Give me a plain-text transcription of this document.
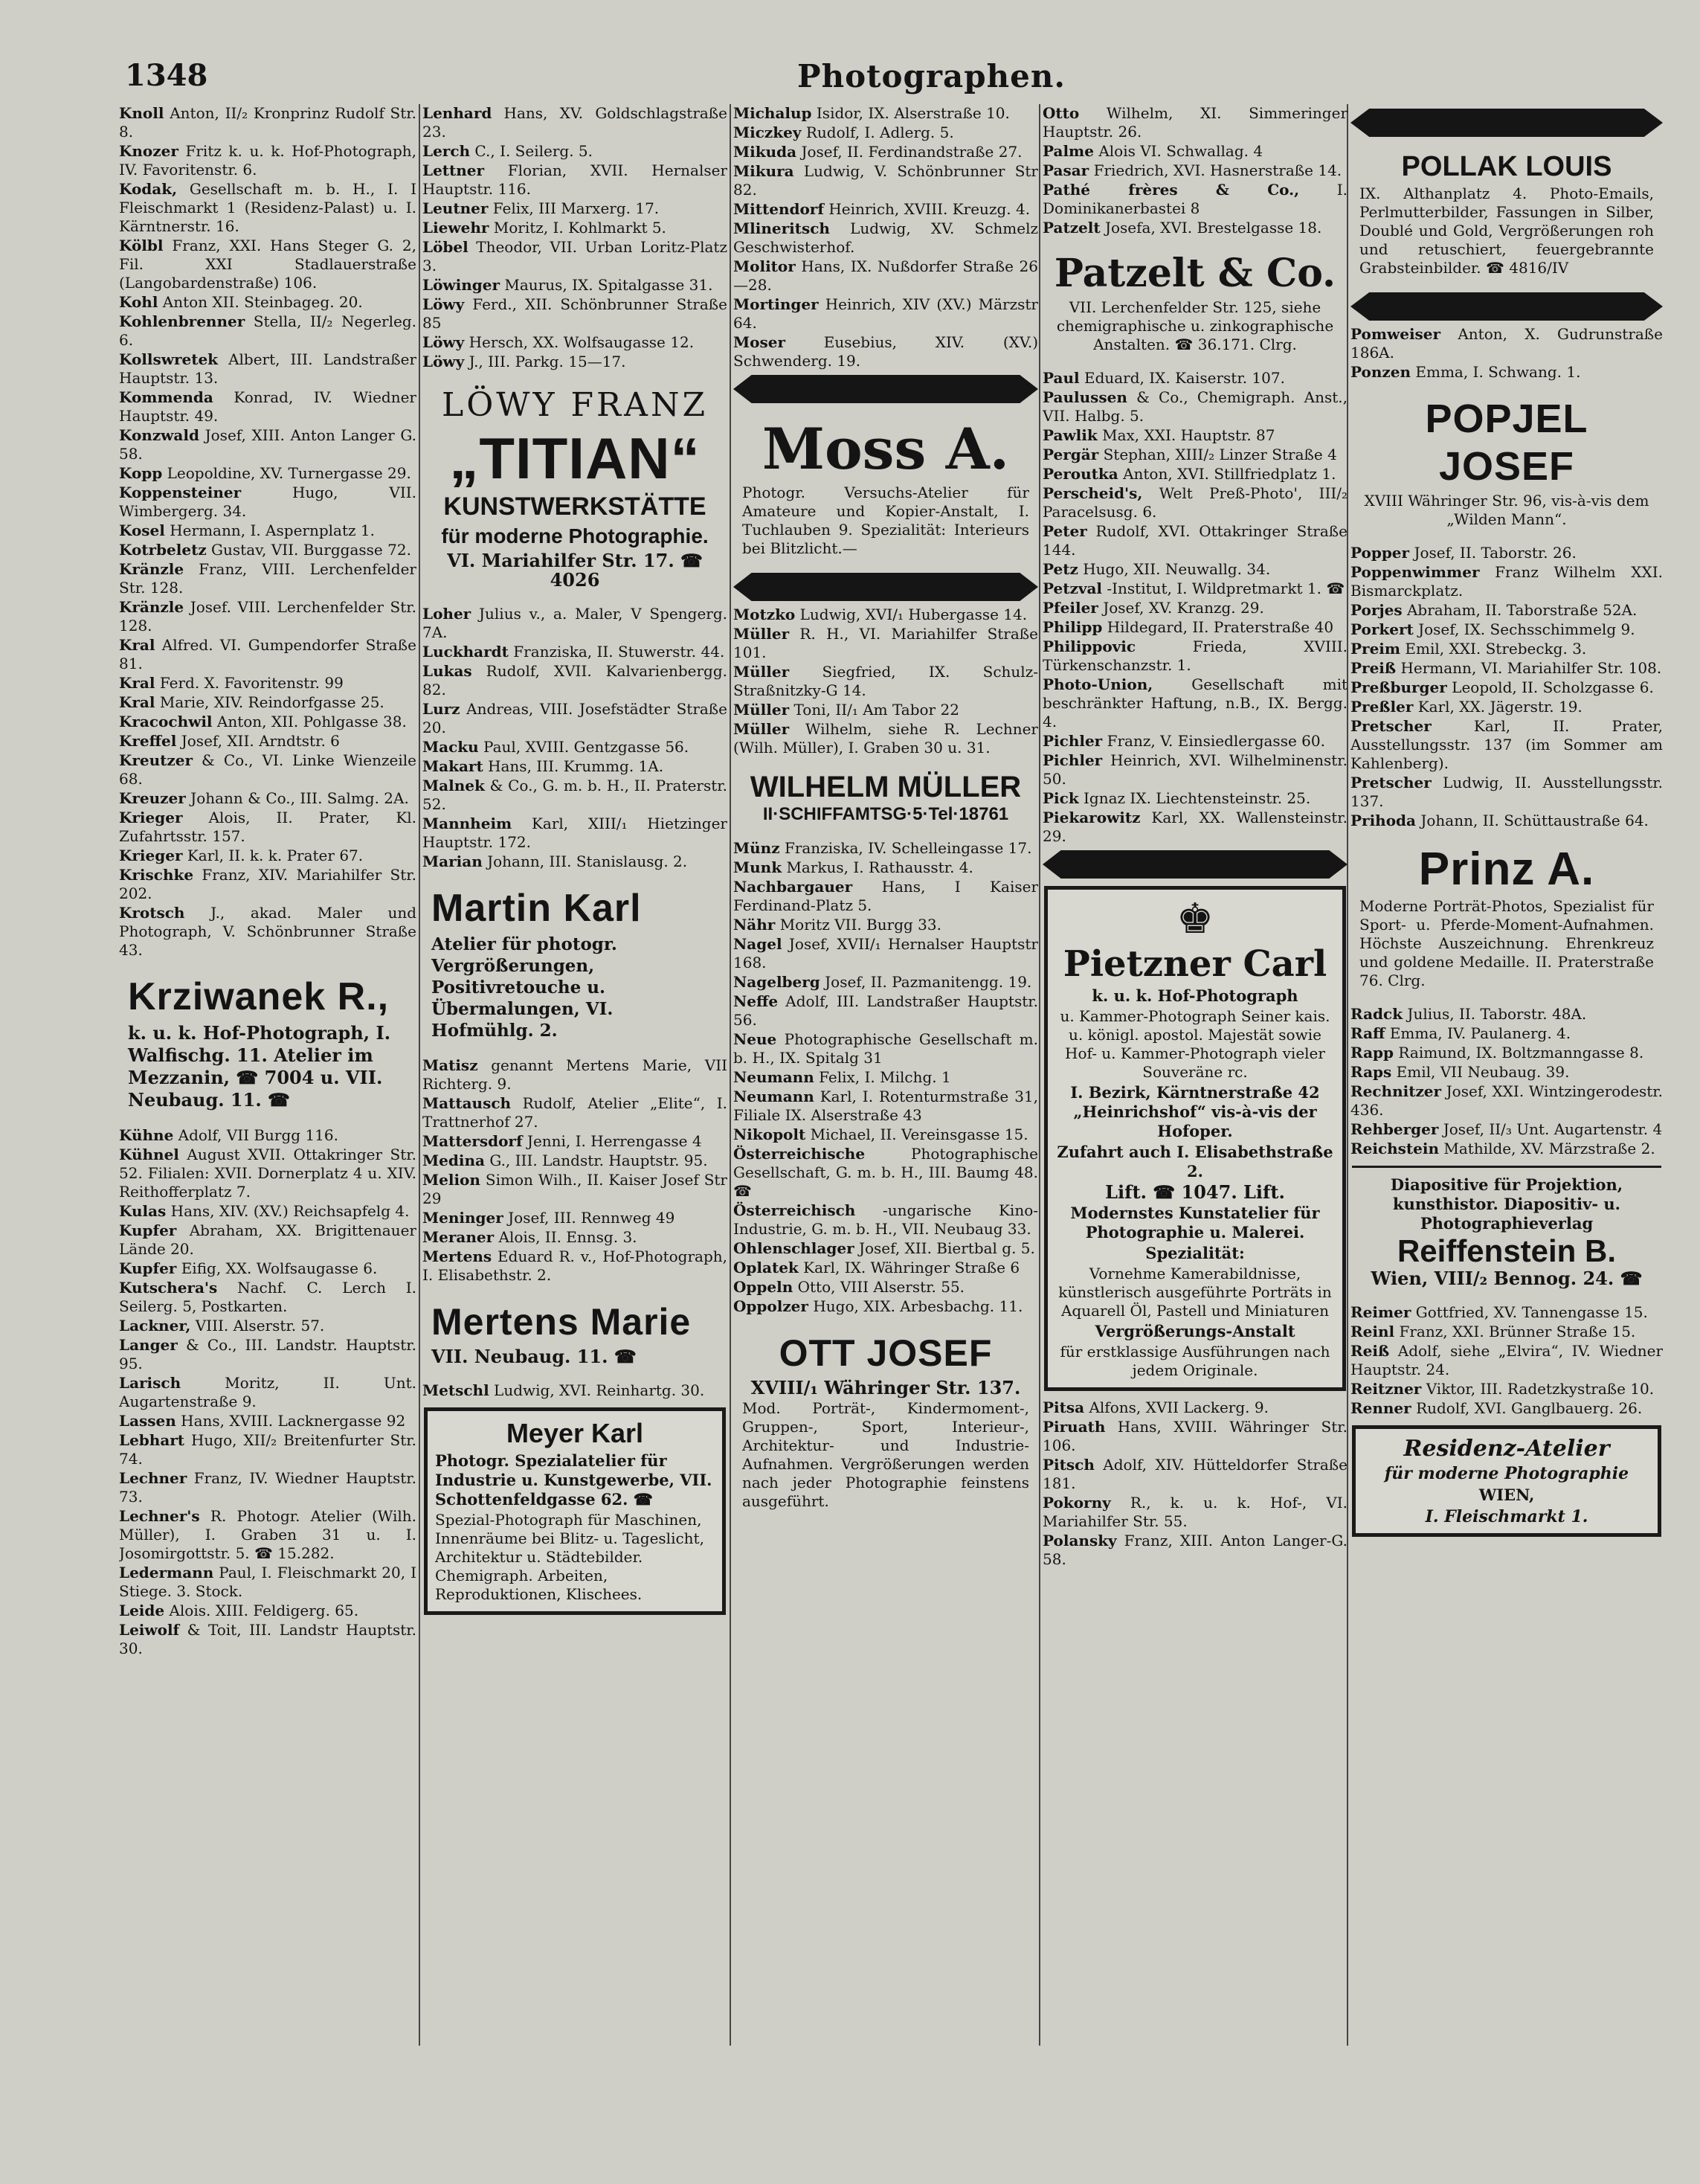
1348	Photographen.

Knoll Anton, II/₂ Kronprinz Rudolf Str. 8.

Knozer Fritz k. u. k. Hof-Photograph, IV. Favoritenstr. 6.

Kodak, Gesellschaft m. b. H., I. I Fleischmarkt 1 (Residenz-Palast) u. I. Kärntnerstr. 16.

Kölbl Franz, XXI. Hans Steger G. 2, Fil. XXI Stadlauerstraße (Langobardenstraße) 106.

Kohl Anton XII. Steinbageg. 20.

Kohlenbrenner Stella, II/₂ Negerleg. 6.

Kollswretek Albert, III. Landstraßer Hauptstr. 13.

Kommenda Konrad, IV. Wiedner Hauptstr. 49.

Konzwald Josef, XIII. Anton Langer G. 58.

Kopp Leopoldine, XV. Turnergasse 29.

Koppensteiner	Hugo, VII. Wimbergerg. 34.

Kosel Hermann, I. Aspernplatz 1.

Kotrbeletz Gustav, VII. Burggasse 72.

Kränzle Franz, VIII. Lerchenfelder Str. 128.

Kränzle Josef. VIII. Lerchenfelder Str. 128.

Kral Alfred. VI. Gumpendorfer Straße 81.

Kral Ferd. X. Favoritenstr. 99

Kral Marie, XIV. Reindorfgasse 25.

Kracochwil Anton, XII. Pohlgasse 38.

Kreffel Josef, XII. Arndtstr. 6

Kreutzer & Co., VI. Linke Wienzeile 68.

Kreuzer Johann & Co., III. Salmg. 2A.

Krieger Alois, II. Prater, Kl. Zufahrtsstr. 157.

Krieger Karl, II. k. k. Prater 67.

Krischke Franz, XIV. Mariahilfer Str. 202.

Krotsch J., akad. Maler und Photograph, V. Schönbrunner Straße 43.

Krziwanek R.,
k. u. k. Hof-Photograph, I. Walfischg. 11. Atelier im Mezzanin, ☎ 7004 u. VII. Neubaug. 11. ☎

Kühne Adolf, VII Burgg 116.

Kühnel August XVII. Ottakringer Str. 52. Filialen: XVII. Dornerplatz 4 u. XIV. Reithofferplatz 7.

Kulas Hans, XIV. (XV.) Reichsapfelg 4.

Kupfer Abraham, XX. Brigittenauer Lände 20.

Kupfer Eifig, XX. Wolfsaugasse 6.

Kutschera's Nachf. C. Lerch I. Seilerg. 5, Postkarten.

Lackner, VIII. Alserstr. 57.

Langer & Co., III. Landstr. Hauptstr. 95.

Larisch	Moritz, II. Unt. Augartenstraße 9.

Lassen Hans, XVIII. Lacknergasse 92

Lebhart Hugo, XII/₂ Breitenfurter Str. 74.

Lechner Franz, IV. Wiedner Hauptstr. 73.

Lechner's R. Photogr. Atelier (Wilh. Müller), I. Graben 31 u. I. Josomirgottstr. 5. ☎ 15.282.

Ledermann Paul, I. Fleischmarkt 20, I Stiege. 3. Stock.

Leide Alois. XIII. Feldigerg. 65.

Leiwolf & Toit, III. Landstr Hauptstr. 30.

Lenhard Hans, XV. Goldschlagstraße 23.

Lerch C., I. Seilerg. 5.

Lettner Florian, XVII. Hernalser Hauptstr. 116.

Leutner Felix, III Marxerg. 17.

Liewehr Moritz, I. Kohlmarkt 5.

Löbel Theodor, VII. Urban Loritz-Platz 3.

Löwinger Maurus, IX. Spitalgasse 31.

Löwy Ferd., XII. Schönbrunner Straße 85

Löwy Hersch, XX. Wolfsaugasse 12.

Löwy J., III. Parkg. 15—17.

LÖWY FRANZ
„TITIAN“
KUNSTWERKSTÄTTE
für moderne Photographie.
VI. Mariahilfer Str. 17. ☎ 4026

Loher Julius v., a. Maler, V Spengerg. 7A.

Luckhardt Franziska, II. Stuwerstr. 44.

Lukas Rudolf, XVII. Kalvarienbergg. 82.

Lurz Andreas, VIII. Josefstädter Straße 20.

Macku Paul, XVIII. Gentzgasse 56.

Makart Hans, III. Krummg. 1A.

Malnek & Co., G. m. b. H., II. Praterstr. 52.

Mannheim Karl, XIII/₁ Hietzinger Hauptstr. 172.

Marian Johann, III. Stanislausg. 2.

Martin Karl
Atelier für photogr. Vergrößerungen, Positivretouche u. Übermalungen, VI. Hofmühlg. 2.

Matisz genannt Mertens Marie, VII Richterg. 9.

Mattausch Rudolf, Atelier „Elite“, I. Trattnerhof 27.

Mattersdorf Jenni, I. Herrengasse 4

Medina G., III. Landstr. Hauptstr. 95.

Melion Simon Wilh., II. Kaiser Josef Str 29

Meninger Josef, III. Rennweg 49

Meraner Alois, II. Ennsg. 3.

Mertens Eduard R. v., Hof-Photograph, I. Elisabethstr. 2.

Mertens Marie
VII. Neubaug. 11. ☎

Metschl Ludwig, XVI. Reinhartg. 30.

Meyer Karl
Photogr. Spezialatelier für Industrie u. Kunstgewerbe, VII. Schottenfeldgasse 62. ☎
Spezial-Photograph für Maschinen, Innenräume bei Blitz- u. Tageslicht, Architektur u. Städtebilder. Chemigraph. Arbeiten, Reproduktionen, Klischees.

Michalup Isidor, IX. Alserstraße 10.

Miczkey Rudolf, I. Adlerg. 5.

Mikuda Josef, II. Ferdinandstraße 27.

Mikura Ludwig, V. Schönbrunner Str 82.

Mittendorf Heinrich, XVIII. Kreuzg. 4.

Mlineritsch Ludwig, XV. Schmelz Geschwisterhof.

Molitor Hans, IX. Nußdorfer Straße 26—28.

Mortinger Heinrich, XIV (XV.) Märzstr 64.

Moser	Eusebius, XIV. (XV.) Schwenderg. 19.

Moss A.
Photogr. Versuchs-Atelier für Amateure und Kopier-Anstalt, I. Tuchlauben 9. Spezialität: Interieurs bei Blitzlicht.—

Motzko Ludwig, XVI/₁ Hubergasse 14.

Müller R. H., VI. Mariahilfer Straße 101.

Müller Siegfried, IX. Schulz-Straßnitzky-G 14.

Müller Toni, II/₁ Am Tabor 22

Müller Wilhelm, siehe R. Lechner (Wilh. Müller), I. Graben 30 u. 31.

WILHELM MÜLLER
II·SCHIFFAMTSG·5·Tel·18761

Münz Franziska, IV. Schelleingasse 17.

Munk Markus, I. Rathausstr. 4.

Nachbargauer Hans, I Kaiser Ferdinand-Platz 5.

Nähr Moritz VII. Burgg 33.

Nagel Josef, XVII/₁ Hernalser Hauptstr 168.

Nagelberg Josef, II. Pazmanitengg. 19.

Neffe Adolf, III. Landstraßer Hauptstr. 56.

Neue Photographische Gesellschaft m. b. H., IX. Spitalg 31

Neumann Felix, I. Milchg. 1

Neumann Karl, I. Rotenturmstraße 31, Filiale IX. Alserstraße 43

Nikopolt Michael, II. Vereinsgasse 15.

Österreichische	Photographische Gesellschaft, G. m. b. H., III. Baumg 48. ☎

Österreichisch -ungarische Kino-Industrie, G. m. b. H., VII. Neubaug 33.

Ohlenschlager Josef, XII. Biertbal g. 5.

Oplatek Karl, IX. Währinger Straße 6

Oppeln Otto, VIII Alserstr. 55.

Oppolzer Hugo, XIX. Arbesbachg. 11.

OTT JOSEF
XVIII/₁ Währinger Str. 137.
Mod. Porträt-, Kindermoment-, Gruppen-, Sport, Interieur-, Architektur- und Industrie-Aufnahmen. Vergrößerungen werden nach jeder Photographie feinstens ausgeführt.

Otto Wilhelm, XI. Simmeringer Hauptstr. 26.

Palme Alois VI. Schwallag. 4

Pasar Friedrich, XVI. Hasnerstraße 14.

Pathé frères & Co.,	I. Dominikanerbastei 8

Patzelt Josefa, XVI. Brestelgasse 18.

Patzelt & Co.
VII. Lerchenfelder Str. 125, siehe chemigraphische u. zinkographische Anstalten. ☎ 36.171. Clrg.

Paul Eduard, IX. Kaiserstr. 107.

Paulussen & Co., Chemigraph. Anst., VII. Halbg. 5.

Pawlik Max, XXI. Hauptstr. 87

Pergär Stephan, XIII/₂ Linzer Straße 4

Peroutka Anton, XVI. Stillfriedplatz 1.

Perscheid's, Welt Preß-Photo', III/₂ Paracelsusg. 6.

Peter Rudolf, XVI. Ottakringer Straße 144.

Petz Hugo, XII. Neuwallg. 34.

Petzval -Institut, I. Wildpretmarkt 1. ☎

Pfeiler Josef, XV. Kranzg. 29.

Philipp Hildegard, II. Praterstraße 40

Philippovic	Frieda, XVIII. Türkenschanzstr. 1.

Photo-Union,	Gesellschaft mit beschränkter Haftung, n.B., IX. Bergg. 4.

Pichler Franz, V. Einsiedlergasse 60.

Pichler Heinrich, XVI. Wilhelminenstr. 50.

Pick Ignaz IX. Liechtensteinstr. 25.

Piekarowitz Karl, XX. Wallensteinstr. 29.

♚
Pietzner Carl
k. u. k. Hof-Photograph
u. Kammer-Photograph Seiner kais. u. königl. apostol. Majestät sowie Hof- u. Kammer-Photograph vieler Souveräne rc.
I. Bezirk, Kärntnerstraße 42 „Heinrichshof“ vis-à-vis der Hofoper.
Zufahrt auch I. Elisabethstraße 2.
Lift. ☎ 1047. Lift.
Modernstes Kunstatelier für Photographie u. Malerei.
Spezialität:
Vornehme Kamerabildnisse, künstlerisch ausgeführte Porträts in Aquarell Öl, Pastell und Miniaturen
Vergrößerungs-Anstalt
für erstklassige Ausführungen nach jedem Originale.

Pitsa Alfons, XVII Lackerg. 9.

Piruath Hans, XVIII. Währinger Str. 106.

Pitsch Adolf, XIV. Hütteldorfer Straße 181.

Pokorny R., k. u. k. Hof-, VI. Mariahilfer Str. 55.

Polansky Franz, XIII. Anton Langer-G. 58.

POLLAK LOUIS
IX. Althanplatz 4. Photo-Emails, Perlmutterbilder, Fassungen in Silber, Doublé und Gold, Vergrößerungen roh und retuschiert, feuergebrannte Grabsteinbilder. ☎ 4816/IV

Pomweiser Anton, X. Gudrunstraße 186A.

Ponzen Emma, I. Schwang. 1.

POPJEL JOSEF
XVIII Währinger Str. 96, vis-à-vis dem „Wilden Mann“.

Popper Josef, II. Taborstr. 26.

Poppenwimmer Franz Wilhelm XXI. Bismarckplatz.

Porjes Abraham, II. Taborstraße 52A.

Porkert Josef, IX. Sechsschimmelg 9.

Preim Emil, XXI. Strebeckg. 3.

Preiß Hermann, VI. Mariahilfer Str. 108.

Preßburger Leopold, II. Scholzgasse 6.

Preßler Karl, XX. Jägerstr. 19.

Pretscher	Karl, II. Prater, Ausstellungsstr. 137 (im Sommer am Kahlenberg).

Pretscher Ludwig, II. Ausstellungsstr. 137.

Prihoda Johann, II. Schüttaustraße 64.

Prinz A.
Moderne Porträt-Photos, Spezialist für Sport- u. Pferde-Moment-Aufnahmen. Höchste Auszeichnung. Ehrenkreuz und goldene Medaille. II. Praterstraße 76. Clrg.

Radck Julius, II. Taborstr. 48A.

Raff Emma, IV. Paulanerg. 4.

Rapp Raimund, IX. Boltzmanngasse 8.

Raps Emil, VII Neubaug. 39.

Rechnitzer Josef, XXI. Wintzingerodestr. 436.

Rehberger Josef, II/₃ Unt. Augartenstr. 4

Reichstein Mathilde, XV. Märzstraße 2.

Diapositive für Projektion, kunsthistor. Diapositiv- u. Photographieverlag
Reiffenstein B.
Wien, VIII/₂ Bennog. 24. ☎

Reimer Gottfried, XV. Tannengasse 15.

Reinl Franz, XXI. Brünner Straße 15.

Reiß Adolf, siehe „Elvira“, IV. Wiedner Hauptstr. 24.

Reitzner Viktor, III. Radetzkystraße 10.

Renner Rudolf, XVI. Ganglbauerg. 26.

Residenz-Atelier
für moderne Photographie
WIEN,
I. Fleischmarkt 1.
